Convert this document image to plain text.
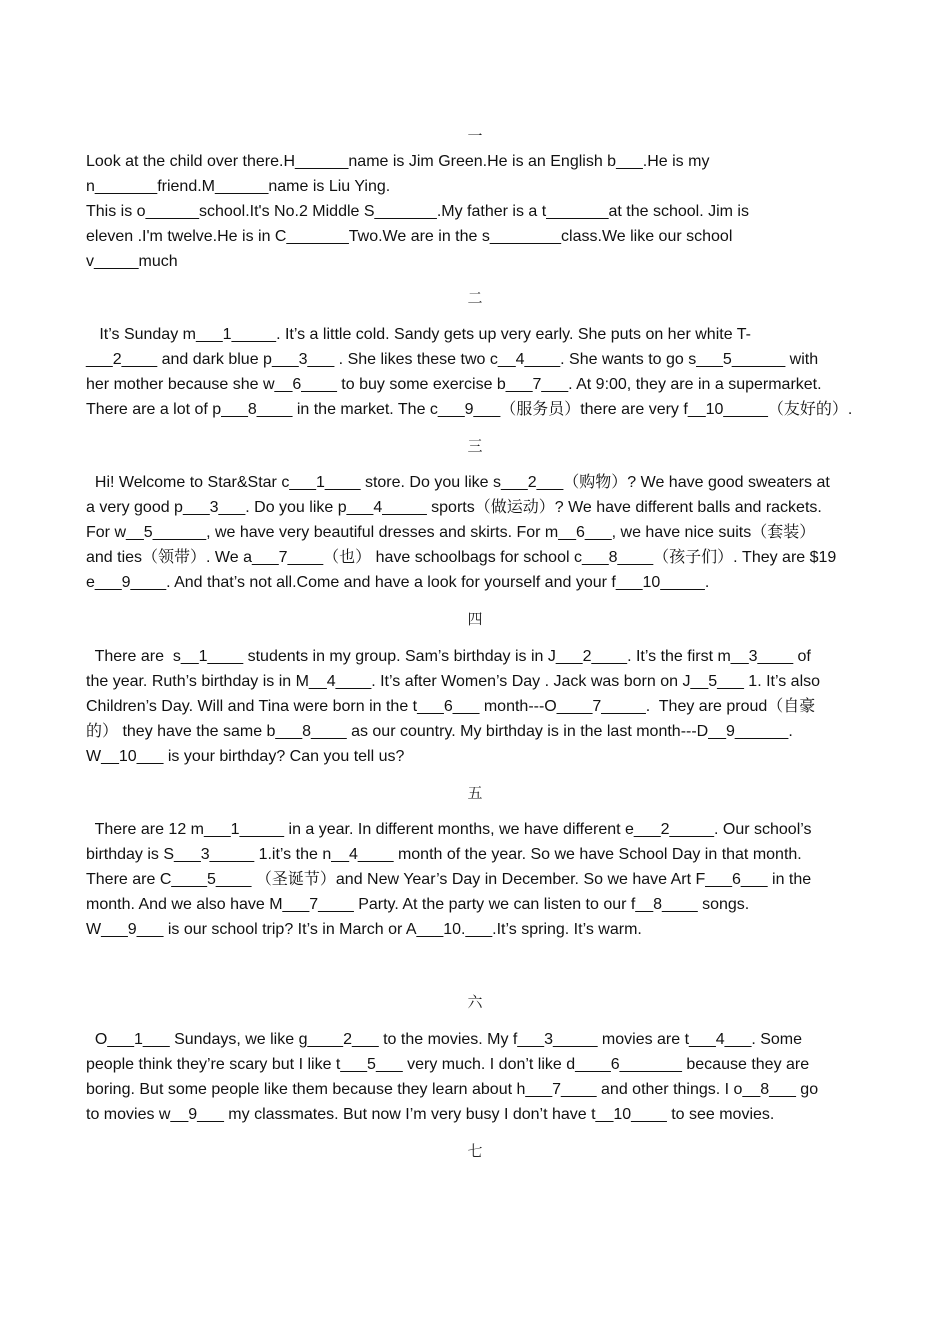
一
Look at the child over there.H______name is Jim Green.He is an English b___.He is my
n_______friend.M______name is Liu Ying.
This is o______school.It's No.2 Middle S_______.My father is a t_______at the school. Jim is
eleven .I'm twelve.He is in C_______Two.We are in the s________class.We like our school
v_____much
二
It’s Sunday m___1_____. It’s a little cold. Sandy gets up very early. She puts on her white T-
___2____ and dark blue p___3___ . She likes these two c__4____. She wants to go s___5______ with
her mother because she w__6____ to buy some exercise b___7___. At 9:00, they are in a supermarket.
There are a lot of p___8____ in the market. The c___9___（服务员）there are very f__10_____（友好的）.
三
Hi! Welcome to Star&Star c___1____ store. Do you like s___2___（购物）? We have good sweaters at
a very good p___3___. Do you like p___4_____ sports（做运动）? We have different balls and rackets.
For w__5______, we have very beautiful dresses and skirts. For m__6___, we have nice suits（套装）
and ties（领带）. We a___7____（也） have schoolbags for school c___8____（孩子们）. They are $19
e___9____. And that’s not all.Come and have a look for yourself and your f___10_____.
四
There are  s__1____ students in my group. Sam’s birthday is in J___2____. It’s the first m__3____ of
the year. Ruth’s birthday is in M__4____. It’s after Women’s Day . Jack was born on J__5___ 1. It’s also
Children’s Day. Will and Tina were born in the t___6___ month---O____7_____.  They are proud（自豪
的） they have the same b___8____ as our country. My birthday is in the last month---D__9______.
W__10___ is your birthday? Can you tell us?
五
There are 12 m___1_____ in a year. In different months, we have different e___2_____. Our school’s
birthday is S___3_____ 1.it’s the n__4____ month of the year. So we have School Day in that month.
There are C____5____ （圣诞节）and New Year’s Day in December. So we have Art F___6___ in the
month. And we also have M___7____ Party. At the party we can listen to our f__8____ songs.
W___9___ is our school trip? It’s in March or A___10.___.It’s spring. It’s warm.
六
O___1___ Sundays, we like g____2___ to the movies. My f___3_____ movies are t___4___. Some
people think they’re scary but I like t___5___ very much. I don’t like d____6_______ because they are
boring. But some people like them because they learn about h___7____ and other things. I o__8___ go
to movies w__9___ my classmates. But now I’m very busy I don’t have t__10____ to see movies.
七
